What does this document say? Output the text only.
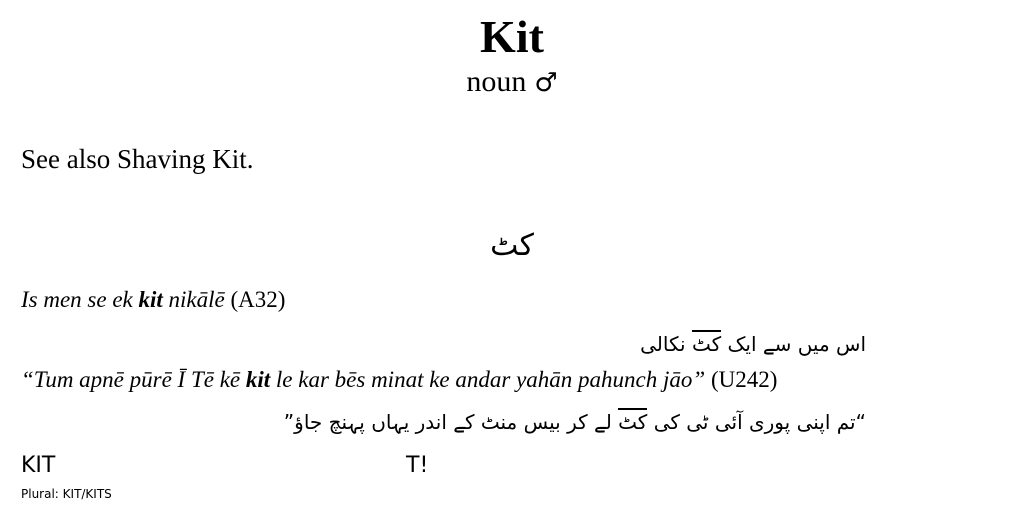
Kit
noun ♂
See also Shaving Kit.
کٹ
Is men se ek kit nikālē (A32)
اس میں سے ایک کٹ نکالی
“Tum apnē pūrē Ī Tē kē kit le kar bēs minat ke andar yahān pahunch jāo” (U242)
“تم اپنی پوری آئی ٹی کی کٹ لے کر بیس منٹ کے اندر یہاں پہنچ جاؤ”
KIT	T!
Plural: KIT/KITS
